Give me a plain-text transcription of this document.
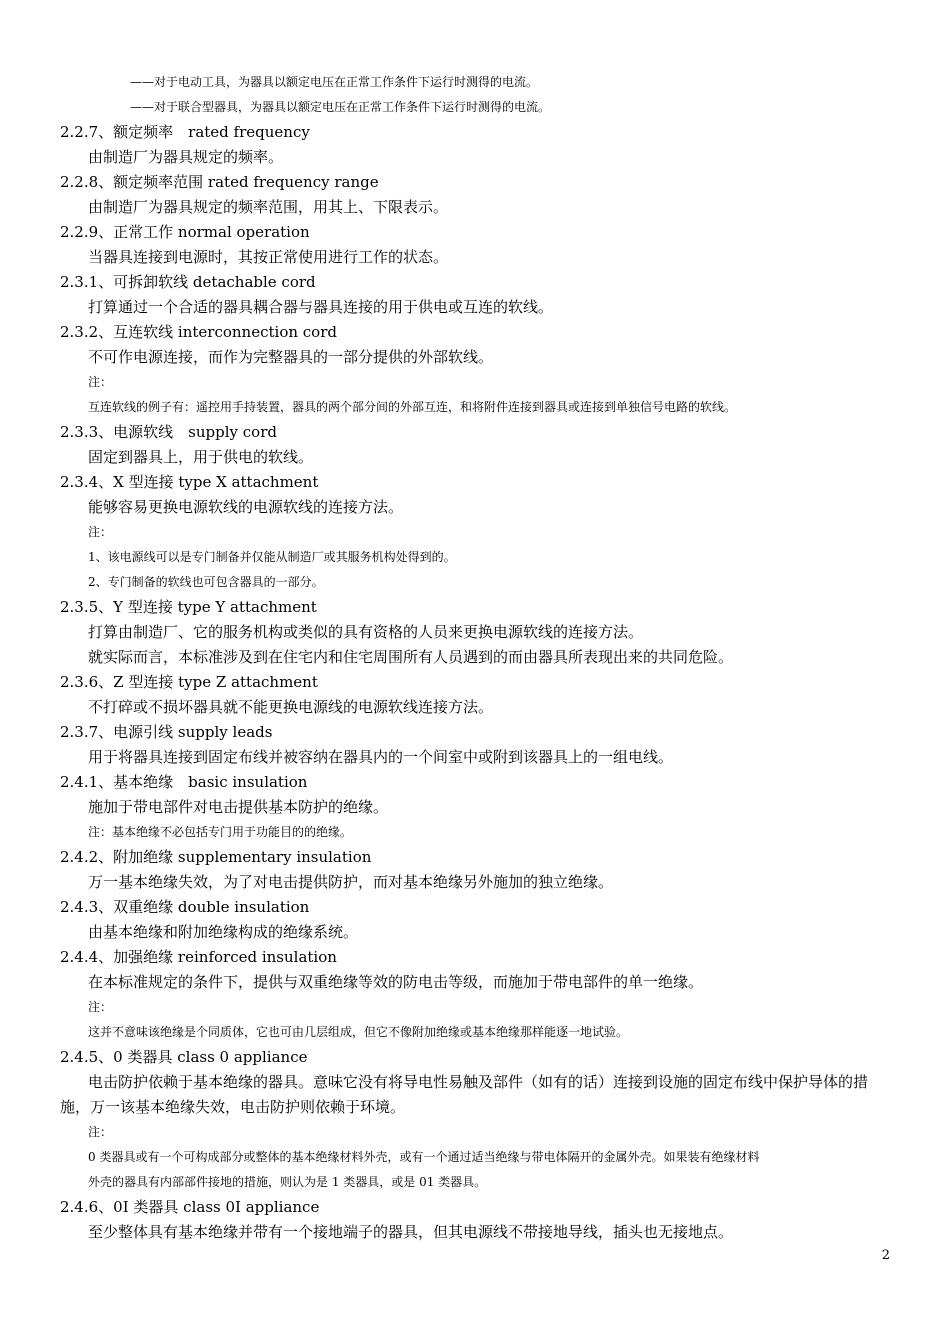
——对于电动工具，为器具以额定电压在正常工作条件下运行时测得的电流。
——对于联合型器具，为器具以额定电压在正常工作条件下运行时测得的电流。
2.2.7、额定频率　rated frequency
由制造厂为器具规定的频率。
2.2.8、额定频率范围 rated frequency range
由制造厂为器具规定的频率范围，用其上、下限表示。
2.2.9、正常工作 normal operation
当器具连接到电源时，其按正常使用进行工作的状态。
2.3.1、可拆卸软线 detachable cord
打算通过一个合适的器具耦合器与器具连接的用于供电或互连的软线。
2.3.2、互连软线 interconnection cord
不可作电源连接，而作为完整器具的一部分提供的外部软线。
注：
互连软线的例子有：遥控用手持装置，器具的两个部分间的外部互连，和将附件连接到器具或连接到单独信号电路的软线。
2.3.3、电源软线　supply cord
固定到器具上，用于供电的软线。
2.3.4、X 型连接 type X attachment
能够容易更换电源软线的电源软线的连接方法。
注：
1、该电源线可以是专门制备并仅能从制造厂或其服务机构处得到的。
2、专门制备的软线也可包含器具的一部分。
2.3.5、Y 型连接 type Y attachment
打算由制造厂、它的服务机构或类似的具有资格的人员来更换电源软线的连接方法。
就实际而言，本标准涉及到在住宅内和住宅周围所有人员遇到的而由器具所表现出来的共同危险。
2.3.6、Z 型连接 type Z attachment
不打碎或不损坏器具就不能更换电源线的电源软线连接方法。
2.3.7、电源引线 supply leads
用于将器具连接到固定布线并被容纳在器具内的一个间室中或附到该器具上的一组电线。
2.4.1、基本绝缘　basic insulation
施加于带电部件对电击提供基本防护的绝缘。
注：基本绝缘不必包括专门用于功能目的的绝缘。
2.4.2、附加绝缘 supplementary insulation
万一基本绝缘失效，为了对电击提供防护，而对基本绝缘另外施加的独立绝缘。
2.4.3、双重绝缘 double insulation
由基本绝缘和附加绝缘构成的绝缘系统。
2.4.4、加强绝缘 reinforced insulation
在本标准规定的条件下，提供与双重绝缘等效的防电击等级，而施加于带电部件的单一绝缘。
注：
这并不意味该绝缘是个同质体，它也可由几层组成，但它不像附加绝缘或基本绝缘那样能逐一地试验。
2.4.5、0 类器具 class 0 appliance
电击防护依赖于基本绝缘的器具。意味它没有将导电性易触及部件（如有的话）连接到设施的固定布线中保护导体的措施，万一该基本绝缘失效，电击防护则依赖于环境。
注：
0 类器具或有一个可构成部分或整体的基本绝缘材料外壳，或有一个通过适当绝缘与带电体隔开的金属外壳。如果装有绝缘材料
外壳的器具有内部部件接地的措施，则认为是 1 类器具，或是 01 类器具。
2.4.6、0I 类器具 class 0I appliance
至少整体具有基本绝缘并带有一个接地端子的器具，但其电源线不带接地导线，插头也无接地点。
2
